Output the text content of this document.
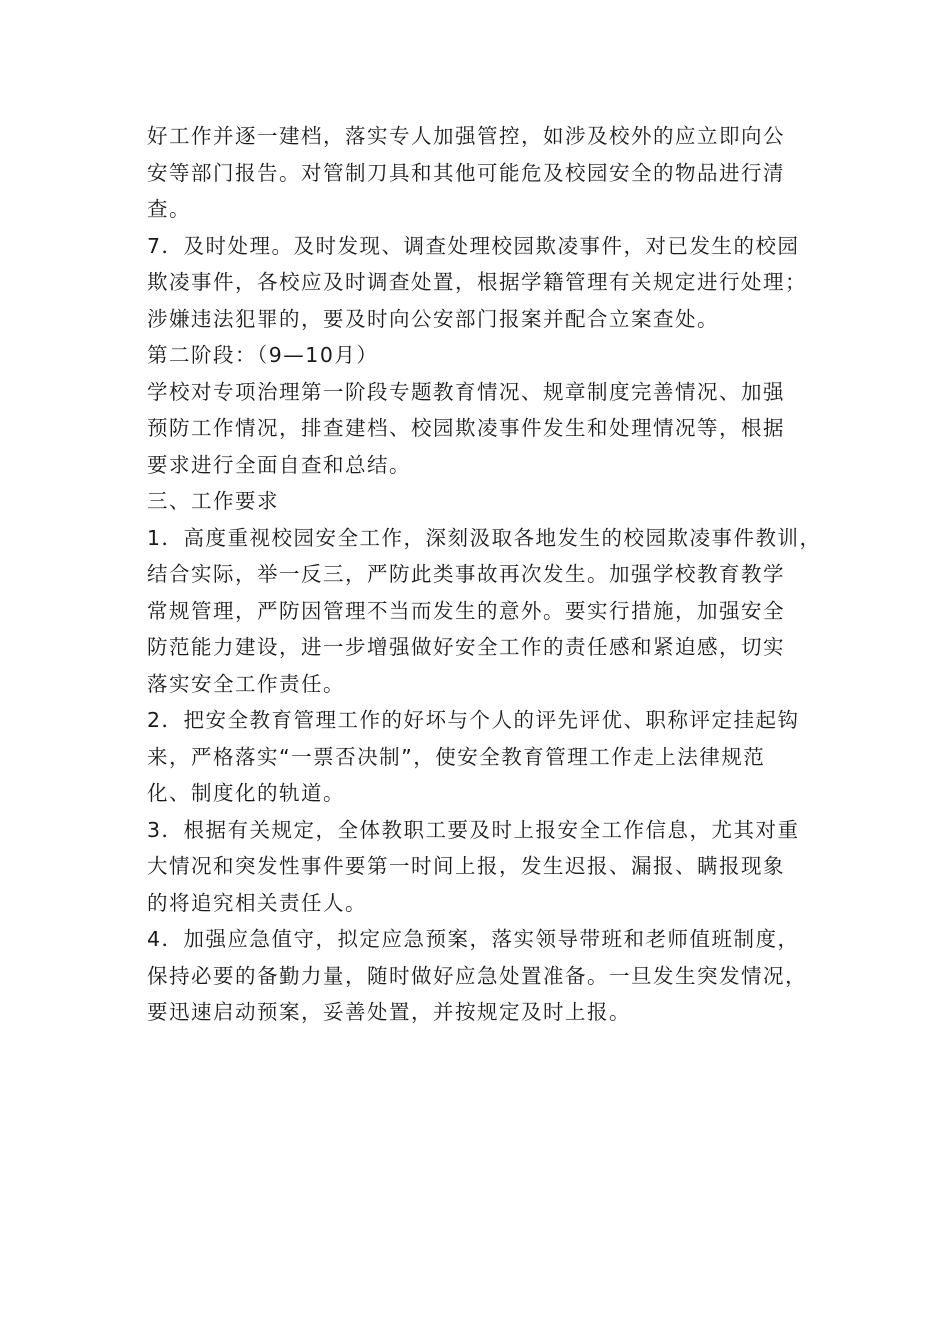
好工作并逐一建档，落实专人加强管控，如涉及校外的应立即向公
安等部门报告。对管制刀具和其他可能危及校园安全的物品进行清
查。
7．及时处理。及时发现、调查处理校园欺凌事件，对已发生的校园
欺凌事件，各校应及时调查处置，根据学籍管理有关规定进行处理；
涉嫌违法犯罪的，要及时向公安部门报案并配合立案查处。
第二阶段：（9—10月）
学校对专项治理第一阶段专题教育情况、规章制度完善情况、加强
预防工作情况，排查建档、校园欺凌事件发生和处理情况等，根据
要求进行全面自查和总结。
三、工作要求
1．高度重视校园安全工作，深刻汲取各地发生的校园欺凌事件教训，
结合实际，举一反三，严防此类事故再次发生。加强学校教育教学
常规管理，严防因管理不当而发生的意外。要实行措施，加强安全
防范能力建设，进一步增强做好安全工作的责任感和紧迫感，切实
落实安全工作责任。
2．把安全教育管理工作的好坏与个人的评先评优、职称评定挂起钩
来，严格落实“一票否决制”，使安全教育管理工作走上法律规范
化、制度化的轨道。
3．根据有关规定，全体教职工要及时上报安全工作信息，尤其对重
大情况和突发性事件要第一时间上报，发生迟报、漏报、瞒报现象
的将追究相关责任人。
4．加强应急值守，拟定应急预案，落实领导带班和老师值班制度，
保持必要的备勤力量，随时做好应急处置准备。一旦发生突发情况，
要迅速启动预案，妥善处置，并按规定及时上报。
